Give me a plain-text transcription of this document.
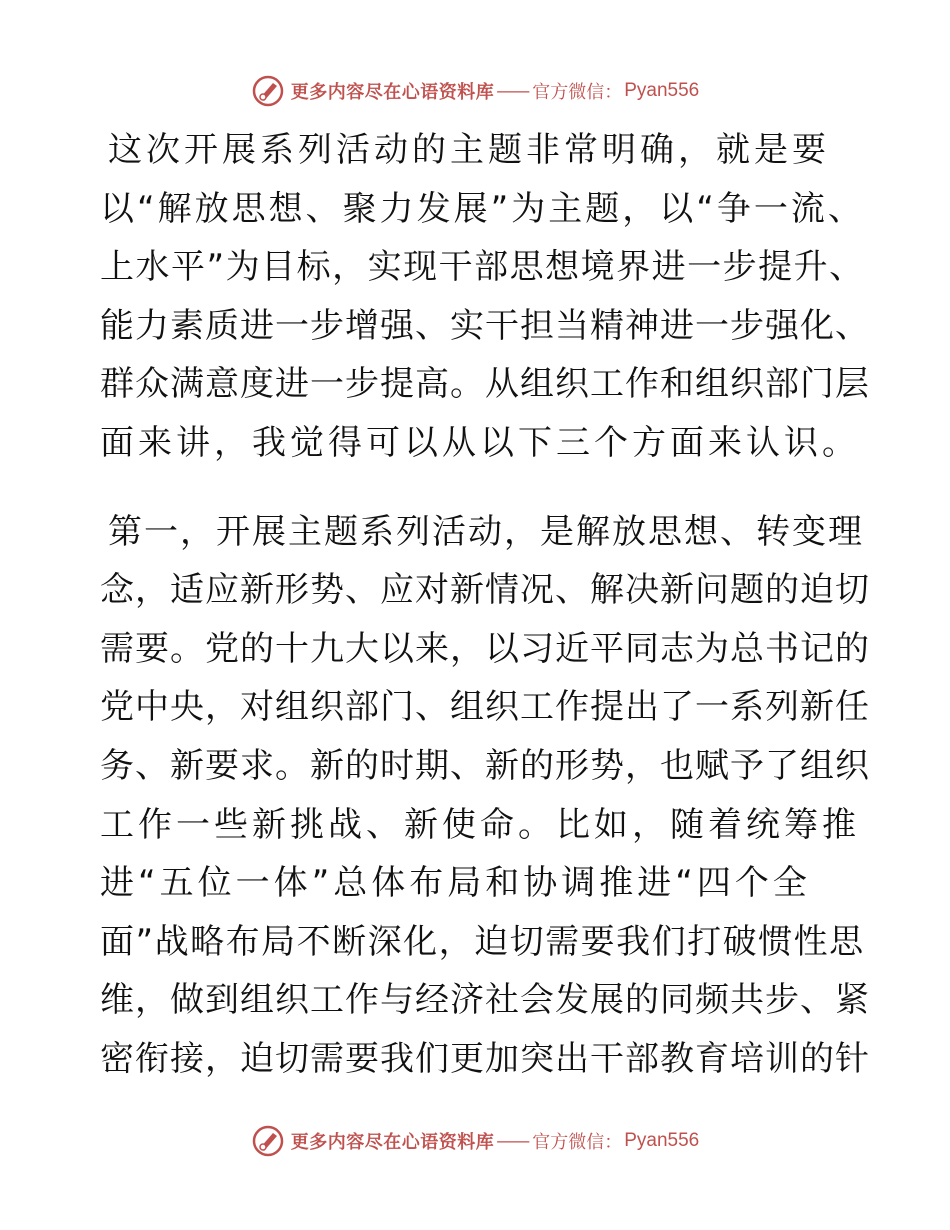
更多内容尽在心语资料库 —— 官方微信： Pyan556
这次开展系列活动的主题非常明确，就是要
以“解放思想、聚力发展”为主题，以“争一流、
上水平”为目标，实现干部思想境界进一步提升、
能力素质进一步增强、实干担当精神进一步强化、
群众满意度进一步提高。从组织工作和组织部门层
面来讲，我觉得可以从以下三个方面来认识。
第一，开展主题系列活动，是解放思想、转变理
念，适应新形势、应对新情况、解决新问题的迫切
需要。党的十九大以来，以习近平同志为总书记的
党中央，对组织部门、组织工作提出了一系列新任
务、新要求。新的时期、新的形势，也赋予了组织
工作一些新挑战、新使命。比如，随着统筹推
进“五位一体”总体布局和协调推进“四个全
面”战略布局不断深化，迫切需要我们打破惯性思
维，做到组织工作与经济社会发展的同频共步、紧
密衔接，迫切需要我们更加突出干部教育培训的针
更多内容尽在心语资料库 —— 官方微信： Pyan556
